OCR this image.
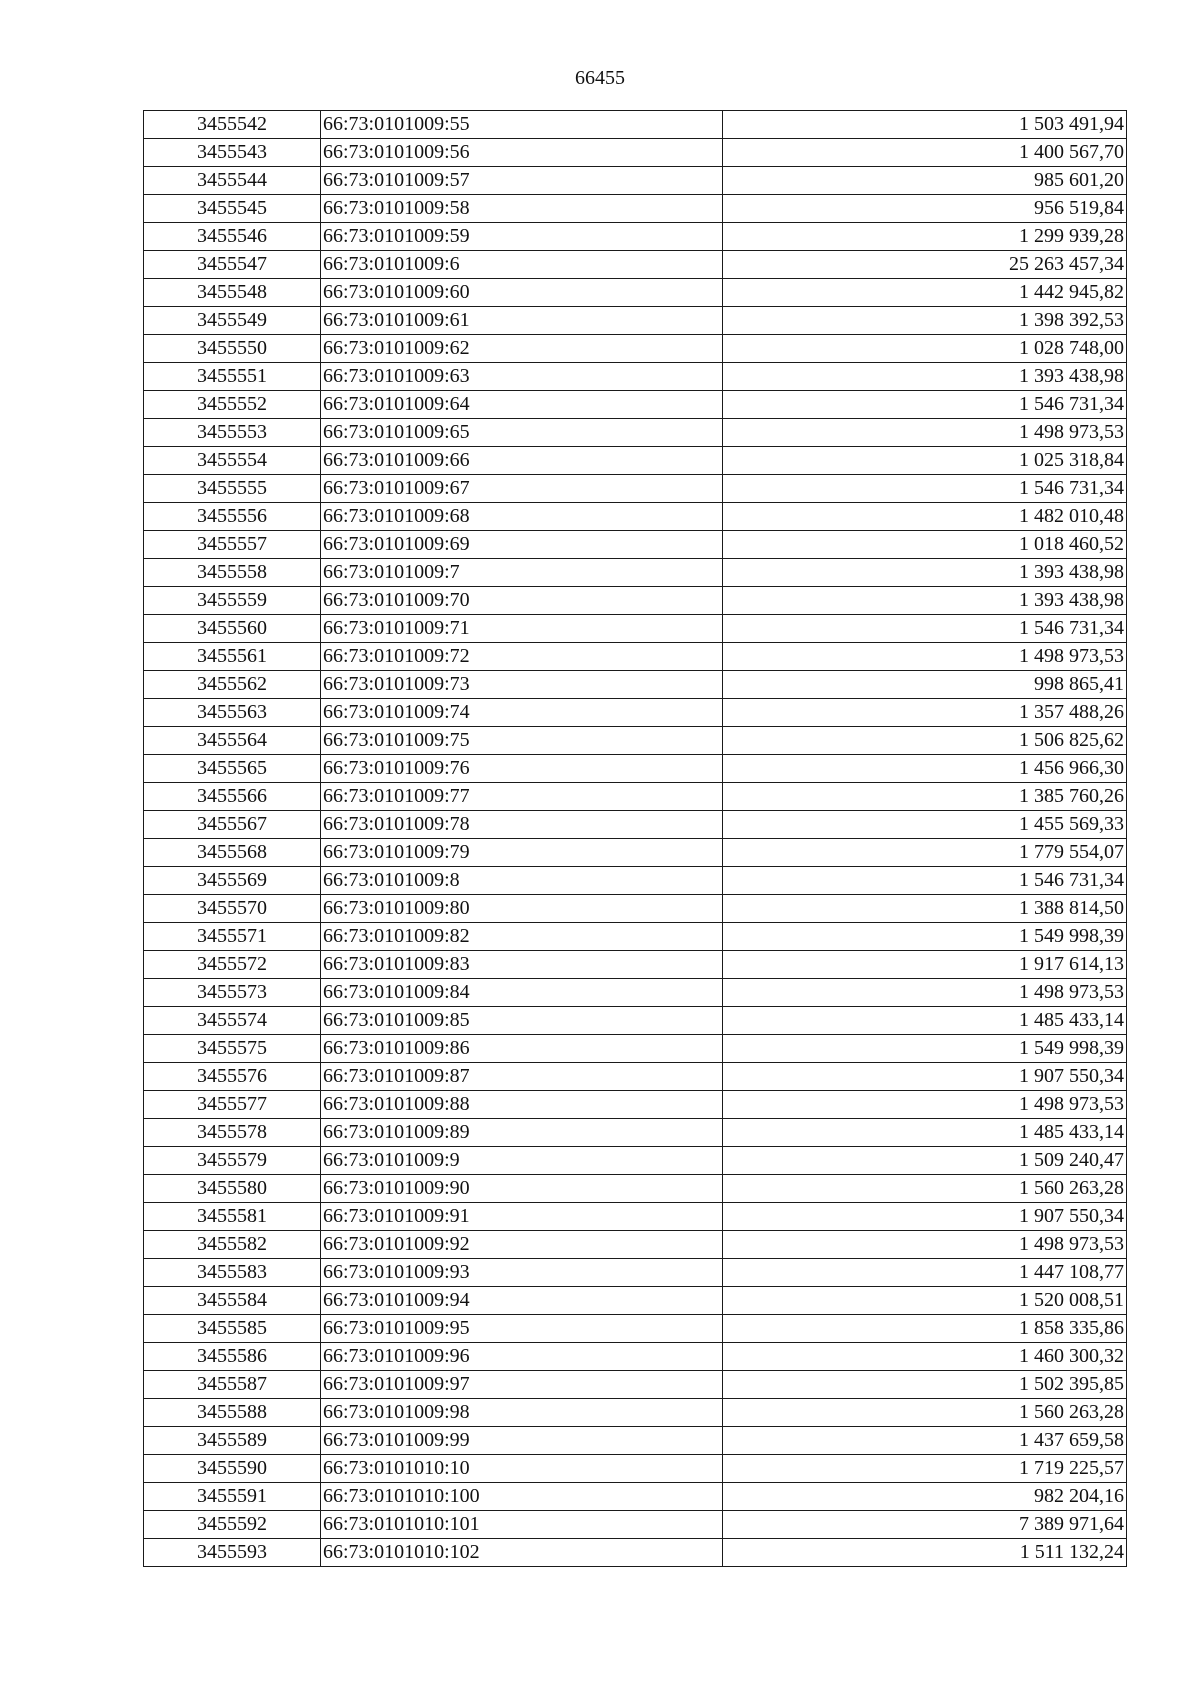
66455
3455542	66:73:0101009:55	1 503 491,94
3455543	66:73:0101009:56	1 400 567,70
3455544	66:73:0101009:57	985 601,20
3455545	66:73:0101009:58	956 519,84
3455546	66:73:0101009:59	1 299 939,28
3455547	66:73:0101009:6	25 263 457,34
3455548	66:73:0101009:60	1 442 945,82
3455549	66:73:0101009:61	1 398 392,53
3455550	66:73:0101009:62	1 028 748,00
3455551	66:73:0101009:63	1 393 438,98
3455552	66:73:0101009:64	1 546 731,34
3455553	66:73:0101009:65	1 498 973,53
3455554	66:73:0101009:66	1 025 318,84
3455555	66:73:0101009:67	1 546 731,34
3455556	66:73:0101009:68	1 482 010,48
3455557	66:73:0101009:69	1 018 460,52
3455558	66:73:0101009:7	1 393 438,98
3455559	66:73:0101009:70	1 393 438,98
3455560	66:73:0101009:71	1 546 731,34
3455561	66:73:0101009:72	1 498 973,53
3455562	66:73:0101009:73	998 865,41
3455563	66:73:0101009:74	1 357 488,26
3455564	66:73:0101009:75	1 506 825,62
3455565	66:73:0101009:76	1 456 966,30
3455566	66:73:0101009:77	1 385 760,26
3455567	66:73:0101009:78	1 455 569,33
3455568	66:73:0101009:79	1 779 554,07
3455569	66:73:0101009:8	1 546 731,34
3455570	66:73:0101009:80	1 388 814,50
3455571	66:73:0101009:82	1 549 998,39
3455572	66:73:0101009:83	1 917 614,13
3455573	66:73:0101009:84	1 498 973,53
3455574	66:73:0101009:85	1 485 433,14
3455575	66:73:0101009:86	1 549 998,39
3455576	66:73:0101009:87	1 907 550,34
3455577	66:73:0101009:88	1 498 973,53
3455578	66:73:0101009:89	1 485 433,14
3455579	66:73:0101009:9	1 509 240,47
3455580	66:73:0101009:90	1 560 263,28
3455581	66:73:0101009:91	1 907 550,34
3455582	66:73:0101009:92	1 498 973,53
3455583	66:73:0101009:93	1 447 108,77
3455584	66:73:0101009:94	1 520 008,51
3455585	66:73:0101009:95	1 858 335,86
3455586	66:73:0101009:96	1 460 300,32
3455587	66:73:0101009:97	1 502 395,85
3455588	66:73:0101009:98	1 560 263,28
3455589	66:73:0101009:99	1 437 659,58
3455590	66:73:0101010:10	1 719 225,57
3455591	66:73:0101010:100	982 204,16
3455592	66:73:0101010:101	7 389 971,64
3455593	66:73:0101010:102	1 511 132,24
